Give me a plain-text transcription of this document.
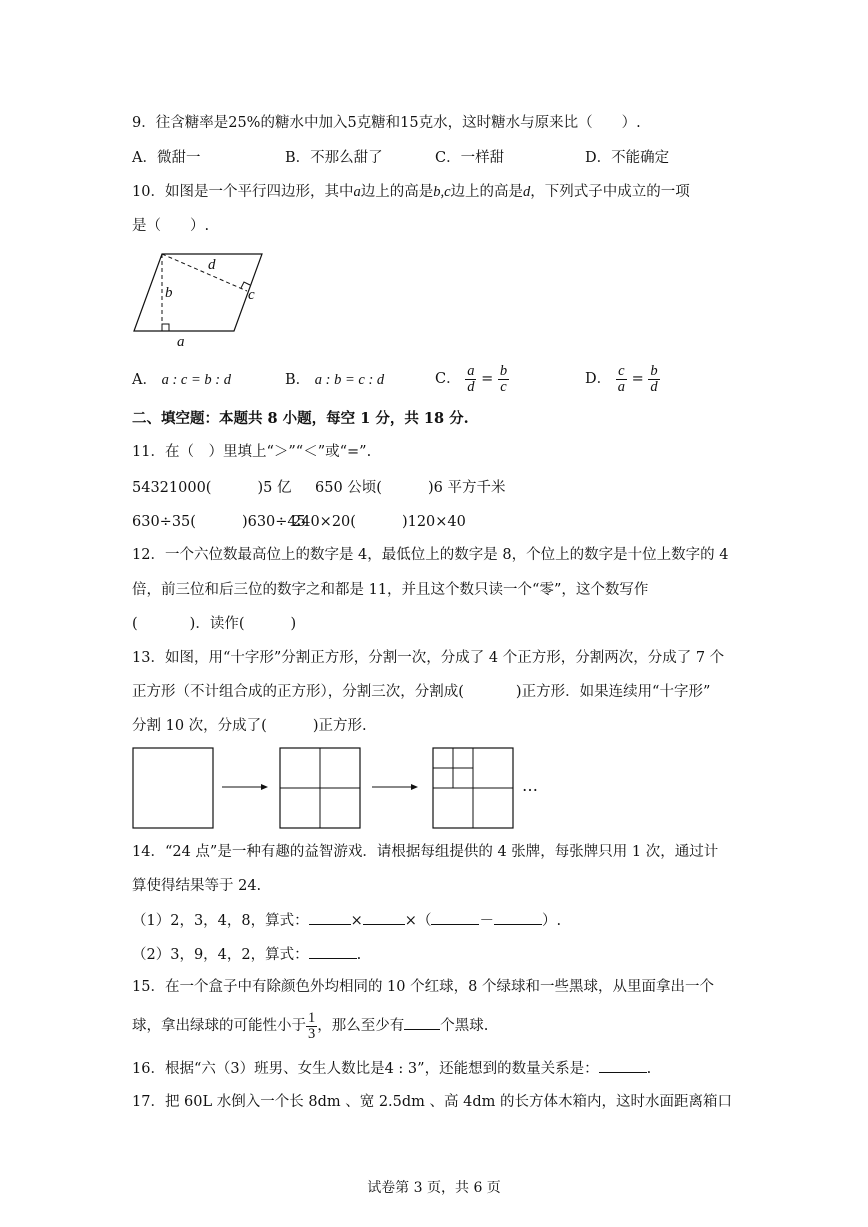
9．往含糖率是25%的糖水中加入5克糖和15克水，这时糖水与原来比（　　）.
A．微甜一	B．不那么甜了	C．一样甜	D．不能确定
10．如图是一个平行四边形，其中a边上的高是b,c边上的高是d，下列式子中成立的一项
是（　　）.
d
b	c
a
A． a : c = b : d	B． a : b = c : d	C． $\frac{a}{d} = \frac{b}{c}$	D． $\frac{c}{a} = \frac{b}{d}$
二、填空题：本题共 8 小题，每空 1 分，共 18 分.
11．在（　）里填上“＞”“＜”或“=”.
54321000(	)5 亿 650 公顷(	)6 平方千米
630÷35(	)630÷45
240×20(	)120×40
12．一个六位数最高位上的数字是 4，最低位上的数字是 8，个位上的数字是十位上数字的 4
倍，前三位和后三位的数字之和都是 11，并且这个数只读一个“零”，这个数写作
(	)．读作(	)
13．如图，用“十字形”分割正方形，分割一次，分成了 4 个正方形，分割两次，分成了 7 个
正方形（不计组合成的正方形），分割三次，分割成(	)正方形．如果连续用“十字形”
分割 10 次，分成了(	)正方形.
…
14．“24 点”是一种有趣的益智游戏．请根据每组提供的 4 张牌，每张牌只用 1 次，通过计
算使得结果等于 24.
（1）2，3，4，8，算式：	×	×（	－	）.
（2）3，9，4，2，算式：	.
15．在一个盒子中有除颜色外均相同的 10 个红球，8 个绿球和一些黑球，从里面拿出一个
球，拿出绿球的可能性小于 $\frac{1}{3}$ ，那么至少有 个黑球.
16．根据“六（3）班男、女生人数比是4 : 3”，还能想到的数量关系是：	.
17．把 60L 水倒入一个长 8dm 、宽 2.5dm 、高 4dm 的长方体木箱内，这时水面距离箱口
试卷第 3 页，共 6 页
